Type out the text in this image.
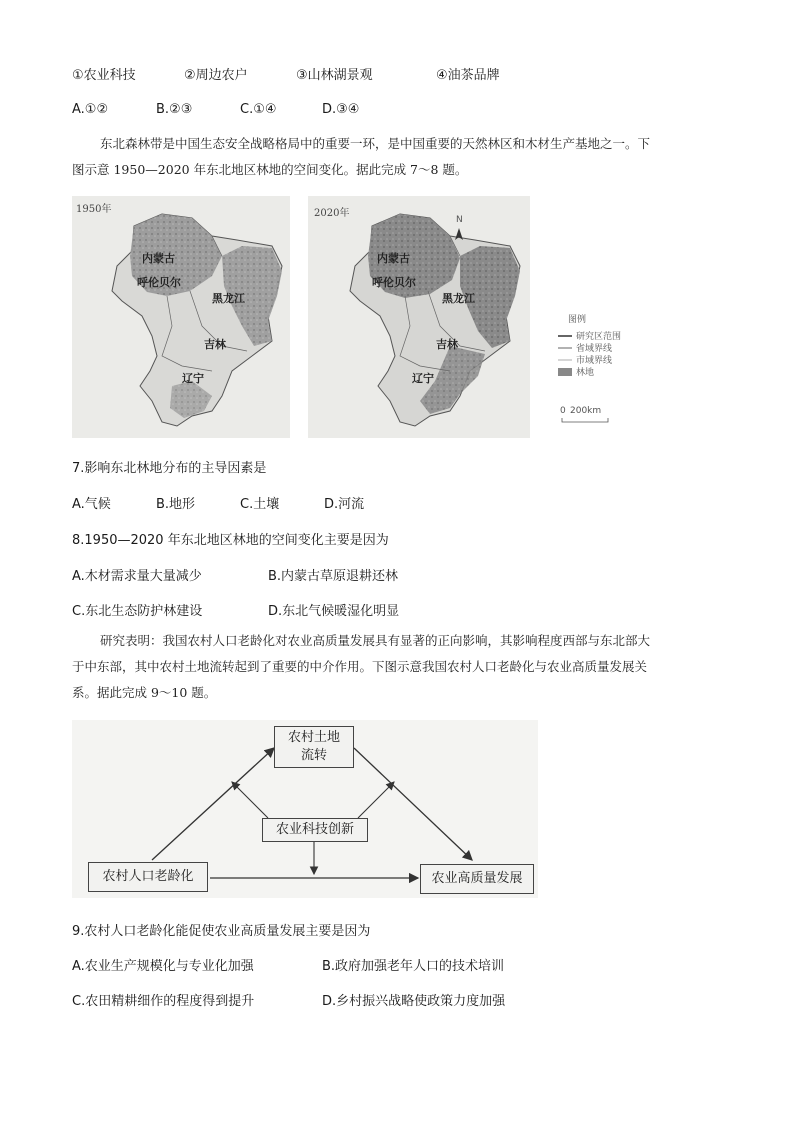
①农业科技	②周边农户	③山林湖景观	④油茶品牌
A.①②	B.②③	C.①④	D.③④
东北森林带是中国生态安全战略格局中的重要一环，是中国重要的天然林区和木材生产基地之一。下
图示意 1950—2020 年东北地区林地的空间变化。据此完成 7～8 题。
1950年	2020年
N
内蒙古
呼伦贝尔
黑龙江
吉林
辽宁
内蒙古
呼伦贝尔
黑龙江
吉林
辽宁
图例
研究区范围
省域界线
市域界线
林地
0 200km
7.影响东北林地分布的主导因素是
A.气候	B.地形	C.土壤	D.河流
8.1950—2020 年东北地区林地的空间变化主要是因为
A.木材需求量大量减少	B.内蒙古草原退耕还林
C.东北生态防护林建设	D.东北气候暖湿化明显
研究表明：我国农村人口老龄化对农业高质量发展具有显著的正向影响，其影响程度西部与东北部大
于中东部，其中农村土地流转起到了重要的中介作用。下图示意我国农村人口老龄化与农业高质量发展关
系。据此完成 9～10 题。
农村土地
流转
农业科技创新
农村人口老龄化	农业高质量发展
9.农村人口老龄化能促使农业高质量发展主要是因为
A.农业生产规模化与专业化加强	B.政府加强老年人口的技术培训
C.农田精耕细作的程度得到提升	D.乡村振兴战略使政策力度加强
